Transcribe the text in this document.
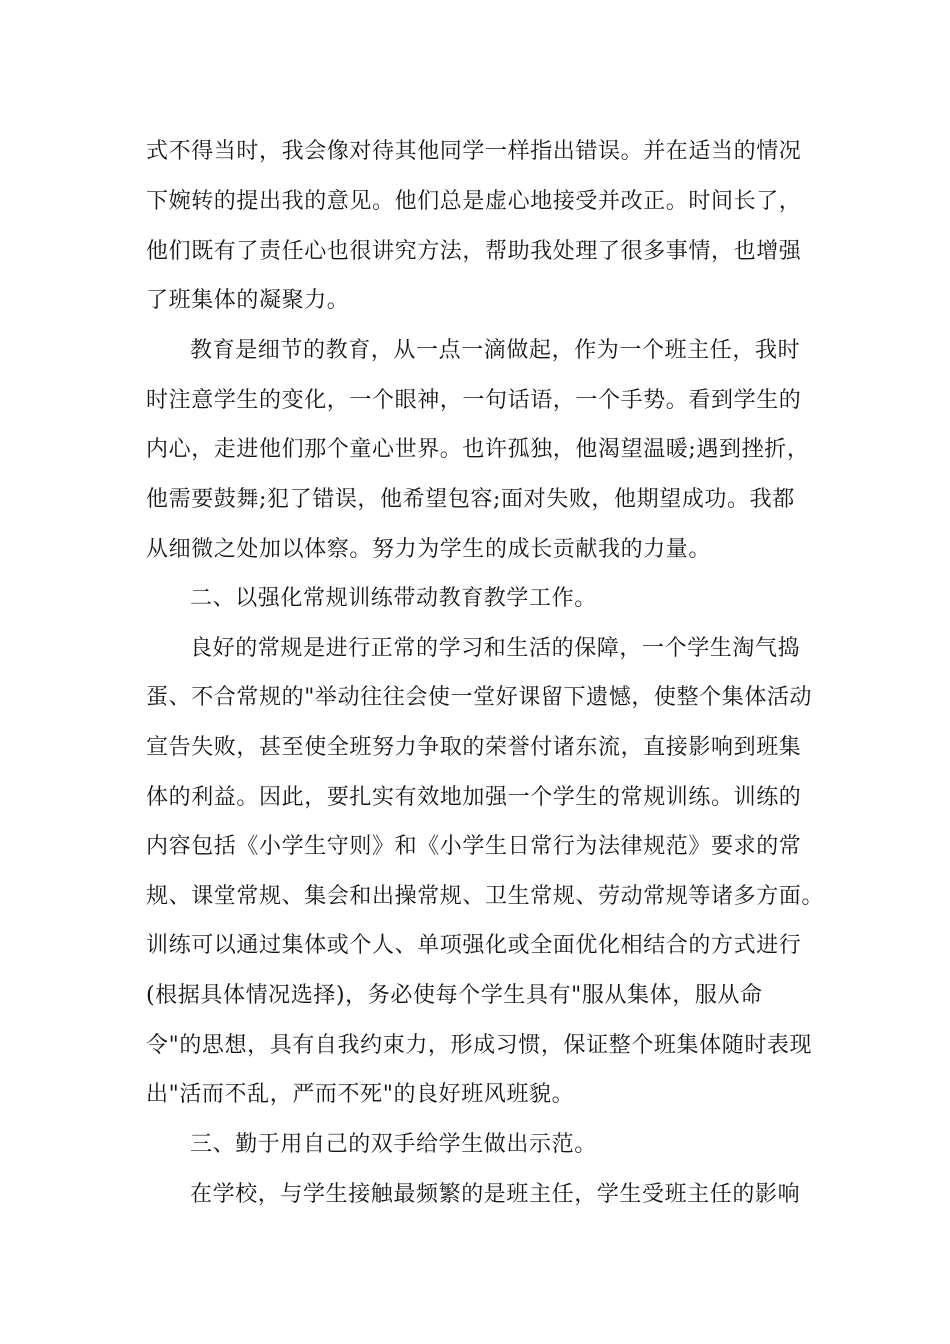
式不得当时，我会像对待其他同学一样指出错误。并在适当的情况
下婉转的提出我的意见。他们总是虚心地接受并改正。时间长了，
他们既有了责任心也很讲究方法，帮助我处理了很多事情，也增强
了班集体的凝聚力。
教育是细节的教育，从一点一滴做起，作为一个班主任，我时
时注意学生的变化，一个眼神，一句话语，一个手势。看到学生的
内心，走进他们那个童心世界。也许孤独，他渴望温暖;遇到挫折，
他需要鼓舞;犯了错误，他希望包容;面对失败，他期望成功。我都
从细微之处加以体察。努力为学生的成长贡献我的力量。
二、以强化常规训练带动教育教学工作。
良好的常规是进行正常的学习和生活的保障，一个学生淘气捣
蛋、不合常规的"举动往往会使一堂好课留下遗憾，使整个集体活动
宣告失败，甚至使全班努力争取的荣誉付诸东流，直接影响到班集
体的利益。因此，要扎实有效地加强一个学生的常规训练。训练的
内容包括《小学生守则》和《小学生日常行为法律规范》要求的常
规、课堂常规、集会和出操常规、卫生常规、劳动常规等诸多方面。
训练可以通过集体或个人、单项强化或全面优化相结合的方式进行
(根据具体情况选择)，务必使每个学生具有"服从集体，服从命
令"的思想，具有自我约束力，形成习惯，保证整个班集体随时表现
出"活而不乱，严而不死"的良好班风班貌。
三、勤于用自己的双手给学生做出示范。
在学校，与学生接触最频繁的是班主任，学生受班主任的影响
